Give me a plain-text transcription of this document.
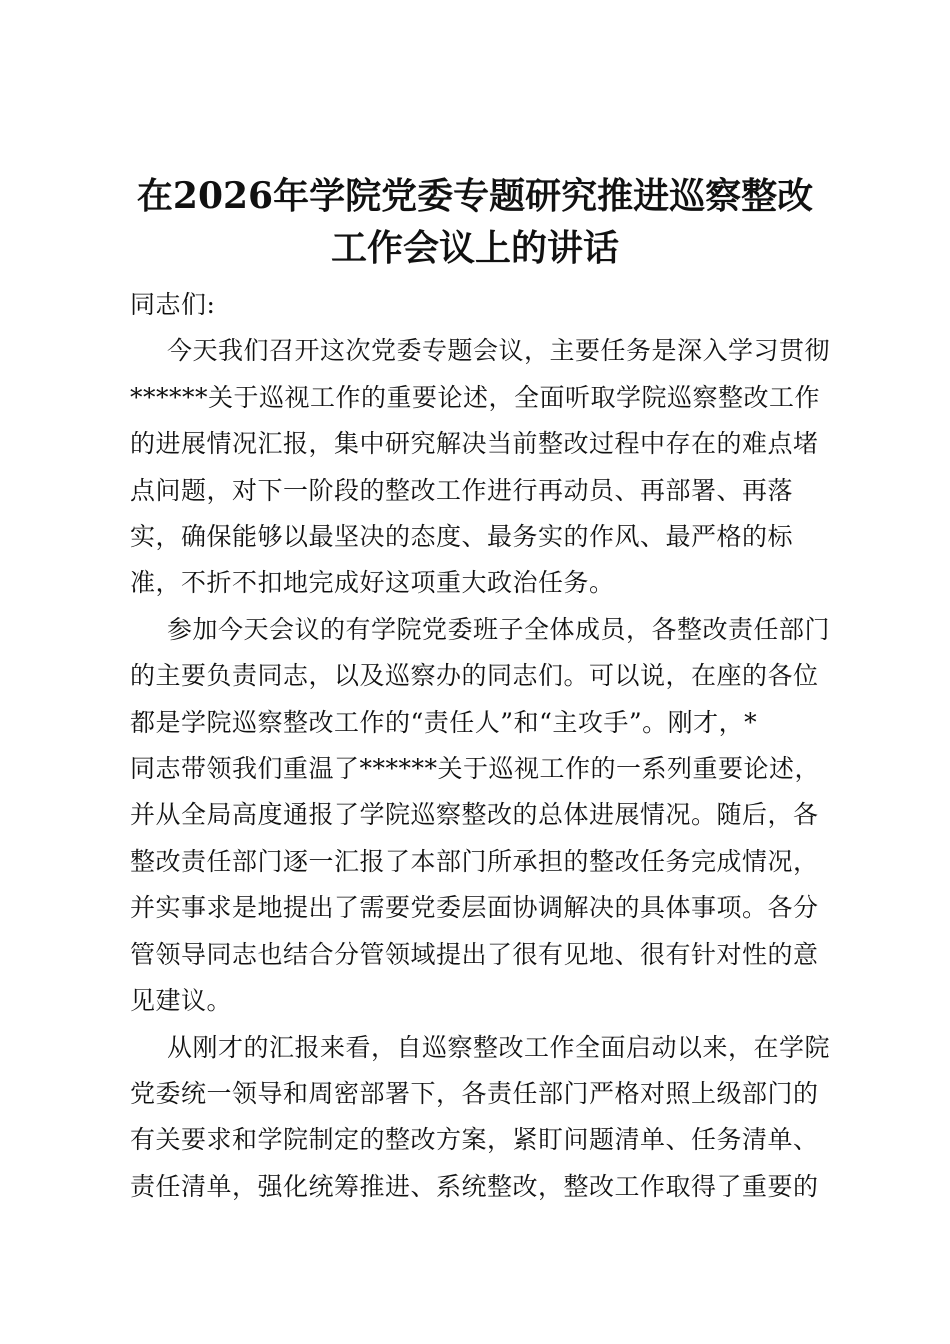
在2026年学院党委专题研究推进巡察整改
工作会议上的讲话
同志们:
今天我们召开这次党委专题会议，主要任务是深入学习贯彻
******关于巡视工作的重要论述，全面听取学院巡察整改工作
的进展情况汇报，集中研究解决当前整改过程中存在的难点堵
点问题，对下一阶段的整改工作进行再动员、再部署、再落
实，确保能够以最坚决的态度、最务实的作风、最严格的标
准，不折不扣地完成好这项重大政治任务。
参加今天会议的有学院党委班子全体成员，各整改责任部门
的主要负责同志，以及巡察办的同志们。可以说，在座的各位
都是学院巡察整改工作的“责任人”和“主攻手”。刚才，*
同志带领我们重温了******关于巡视工作的一系列重要论述，
并从全局高度通报了学院巡察整改的总体进展情况。随后，各
整改责任部门逐一汇报了本部门所承担的整改任务完成情况，
并实事求是地提出了需要党委层面协调解决的具体事项。各分
管领导同志也结合分管领域提出了很有见地、很有针对性的意
见建议。
从刚才的汇报来看，自巡察整改工作全面启动以来，在学院
党委统一领导和周密部署下，各责任部门严格对照上级部门的
有关要求和学院制定的整改方案，紧盯问题清单、任务清单、
责任清单，强化统筹推进、系统整改，整改工作取得了重要的
